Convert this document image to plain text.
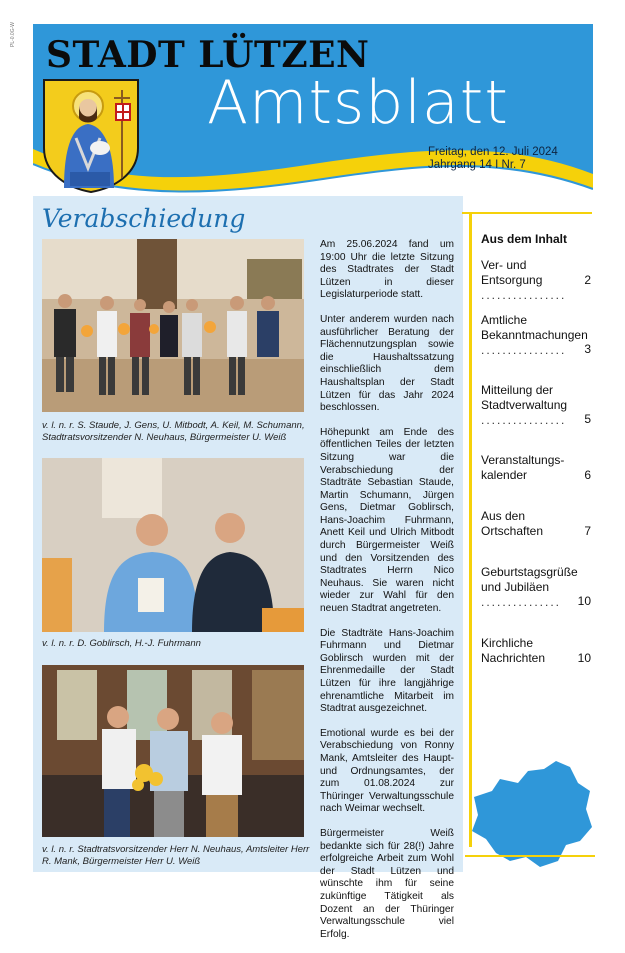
PL-0.0G-W STADT LÜTZEN
Amtsblatt
Freitag, den 12. Juli 2024
Jahrgang 14 I Nr. 7
Verabschiedung
v. l. n. r. S. Staude, J. Gens, U. Mitbodt, A. Keil, M. Schumann, Stadtratsvorsitzender N. Neuhaus, Bürgermeister U. Weiß
v. l. n. r. D. Goblirsch, H.-J. Fuhrmann
v. l. n. r. Stadtratsvorsitzender Herr N. Neuhaus, Amtsleiter Herr R. Mank, Bürgermeister Herr U. Weiß

Am 25.06.2024 fand um 19:00 Uhr die letzte Sitzung des Stadtrates der Stadt Lützen in dieser Legislaturperiode statt.

Unter anderem wurden nach ausführlicher Beratung der Flächennutzungsplan sowie die Haushaltssatzung einschließlich dem Haushaltsplan der Stadt Lützen für das Jahr 2024 beschlossen.

Höhepunkt am Ende des öffentlichen Teiles der letzten Sitzung war die Verabschiedung der Stadträte Sebastian Staude, Martin Schumann, Jürgen Gens, Dietmar Goblirsch, Hans-Joachim Fuhrmann, Anett Keil und Ulrich Mitbodt durch Bürgermeister Weiß und den Vorsitzenden des Stadtrates Herrn Nico Neuhaus. Sie waren nicht wieder zur Wahl für den neuen Stadtrat angetreten.

Die Stadträte Hans-Joachim Fuhrmann und Dietmar Goblirsch wurden mit der Ehrenmedaille der Stadt Lützen für ihre langjährige ehrenamtliche Mitarbeit im Stadtrat ausgezeichnet.

Emotional wurde es bei der Verabschiedung von Ronny Mank, Amtsleiter des Haupt- und Ordnungsamtes, der zum 01.08.2024 zur Thüringer Verwaltungsschule nach Weimar wechselt.

Bürgermeister Weiß bedankte sich für 28(!) Jahre erfolgreiche Arbeit zum Wohl der Stadt Lützen und wünschte ihm für seine zukünftige Tätigkeit als Dozent an der Thüringer Verwaltungsschule viel Erfolg.

Aus dem Inhalt
Ver- und Entsorgung
................
2
Amtliche Bekanntmachungen
................	3
Mitteilung der Stadtverwaltung
................	5
Veranstaltungs-kalender	6
Aus den Ortschaften	7
Geburtstagsgrüße und Jubiläen
...............	10
Kirchliche Nachrichten	10
